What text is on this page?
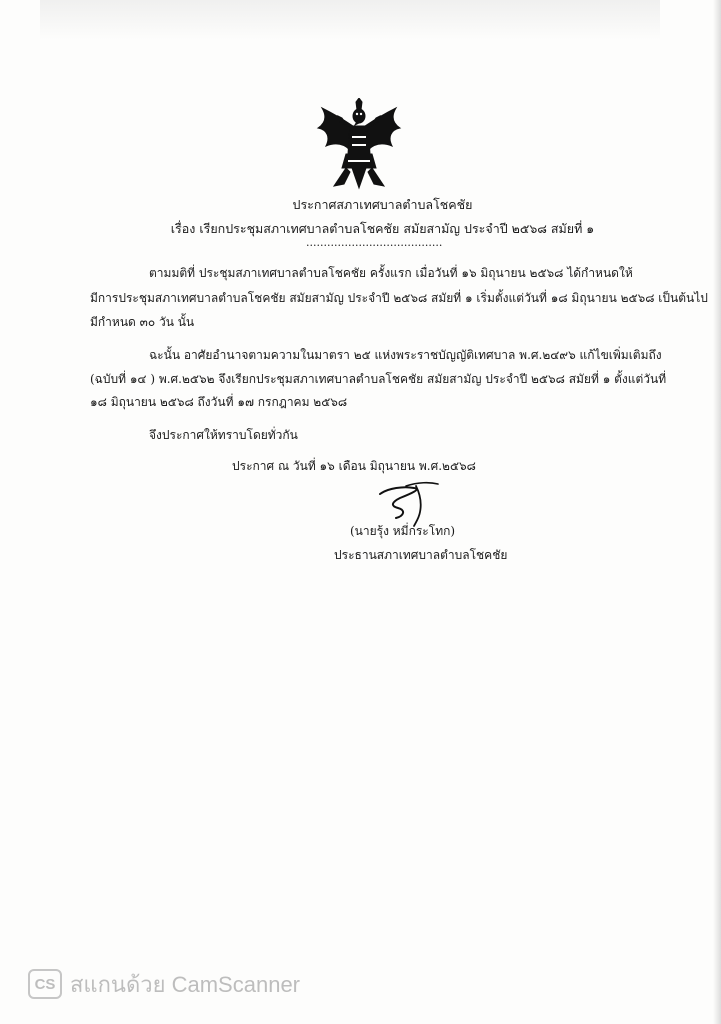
ประกาศสภาเทศบาลตำบลโชคชัย
เรื่อง เรียกประชุมสภาเทศบาลตำบลโชคชัย สมัยสามัญ ประจำปี ๒๕๖๘ สมัยที่ ๑
.......................................
ตามมติที่ ประชุมสภาเทศบาลตำบลโชคชัย ครั้งแรก เมื่อวันที่ ๑๖ มิถุนายน ๒๕๖๘ ได้กำหนดให้
มีการประชุมสภาเทศบาลตำบลโชคชัย สมัยสามัญ ประจำปี ๒๕๖๘ สมัยที่ ๑ เริ่มตั้งแต่วันที่ ๑๘ มิถุนายน ๒๕๖๘ เป็นต้นไป
มีกำหนด ๓๐ วัน นั้น
ฉะนั้น อาศัยอำนาจตามความในมาตรา ๒๕ แห่งพระราชบัญญัติเทศบาล พ.ศ.๒๔๙๖ แก้ไขเพิ่มเติมถึง
(ฉบับที่ ๑๔ ) พ.ศ.๒๕๖๒ จึงเรียกประชุมสภาเทศบาลตำบลโชคชัย สมัยสามัญ ประจำปี ๒๕๖๘ สมัยที่ ๑ ตั้งแต่วันที่
๑๘ มิถุนายน ๒๕๖๘ ถึงวันที่ ๑๗ กรกฎาคม ๒๕๖๘
จึงประกาศให้ทราบโดยทั่วกัน
ประกาศ ณ วันที่ ๑๖ เดือน มิถุนายน พ.ศ.๒๕๖๘
(นายรุ้ง หมี่กระโทก)
ประธานสภาเทศบาลตำบลโชคชัย
CS สแกนด้วย CamScanner
